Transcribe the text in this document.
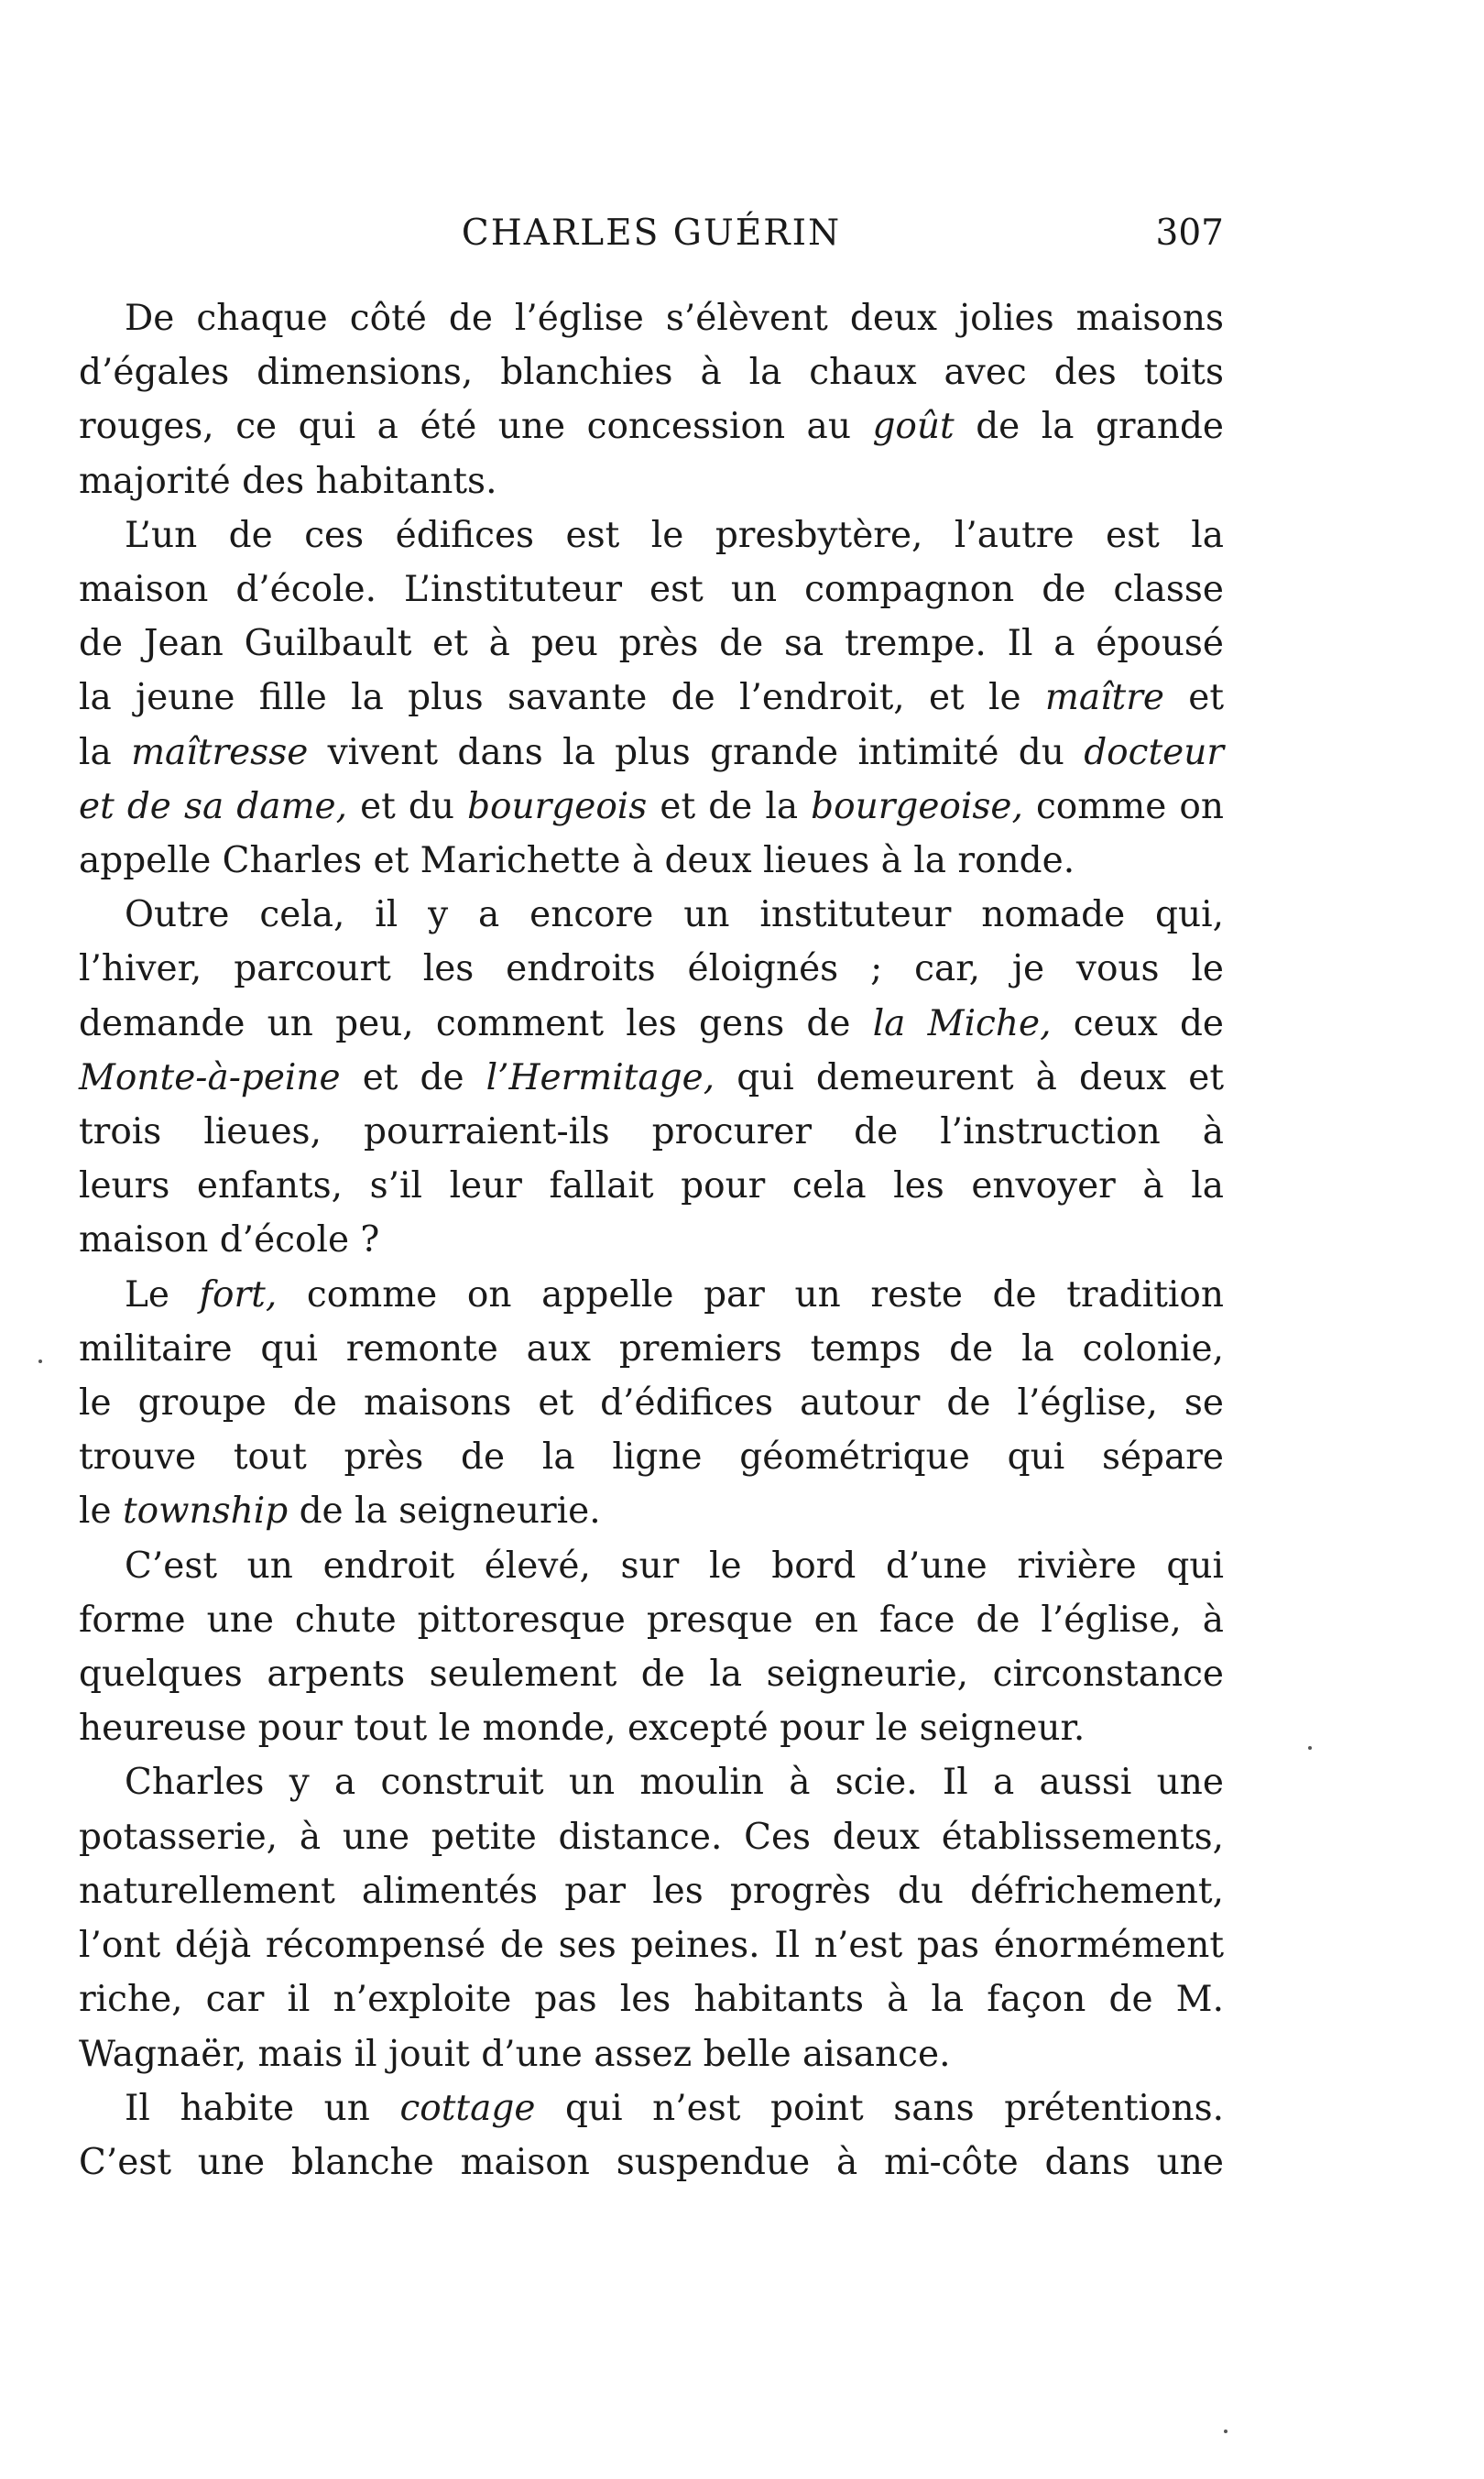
CHARLES GUÉRIN	307
De chaque côté de l’église s’élèvent deux jolies maisons
d’égales dimensions, blanchies à la chaux avec des toits
rouges, ce qui a été une concession au goût de la grande
majorité des habitants.
L’un de ces édifices est le presbytère, l’autre est la
maison d’école. L’instituteur est un compagnon de classe
de Jean Guilbault et à peu près de sa trempe. Il a épousé
la jeune fille la plus savante de l’endroit, et le maître et
la maîtresse vivent dans la plus grande intimité du docteur
et de sa dame, et du bourgeois et de la bourgeoise, comme on
appelle Charles et Marichette à deux lieues à la ronde.
Outre cela, il y a encore un instituteur nomade qui,
l’hiver, parcourt les endroits éloignés ; car, je vous le
demande un peu, comment les gens de la Miche, ceux de
Monte-à-peine et de l’Hermitage, qui demeurent à deux et
trois lieues, pourraient-ils procurer de l’instruction à
leurs enfants, s’il leur fallait pour cela les envoyer à la
maison d’école ?
Le fort, comme on appelle par un reste de tradition
militaire qui remonte aux premiers temps de la colonie,
le groupe de maisons et d’édifices autour de l’église, se
trouve tout près de la ligne géométrique qui sépare
le township de la seigneurie.
C’est un endroit élevé, sur le bord d’une rivière qui
forme une chute pittoresque presque en face de l’église, à
quelques arpents seulement de la seigneurie, circonstance
heureuse pour tout le monde, excepté pour le seigneur.
Charles y a construit un moulin à scie. Il a aussi une
potasserie, à une petite distance. Ces deux établissements,
naturellement alimentés par les progrès du défrichement,
l’ont déjà récompensé de ses peines. Il n’est pas énormément
riche, car il n’exploite pas les habitants à la façon de M.
Wagnaër, mais il jouit d’une assez belle aisance.
Il habite un cottage qui n’est point sans prétentions.
C’est une blanche maison suspendue à mi-côte dans une
